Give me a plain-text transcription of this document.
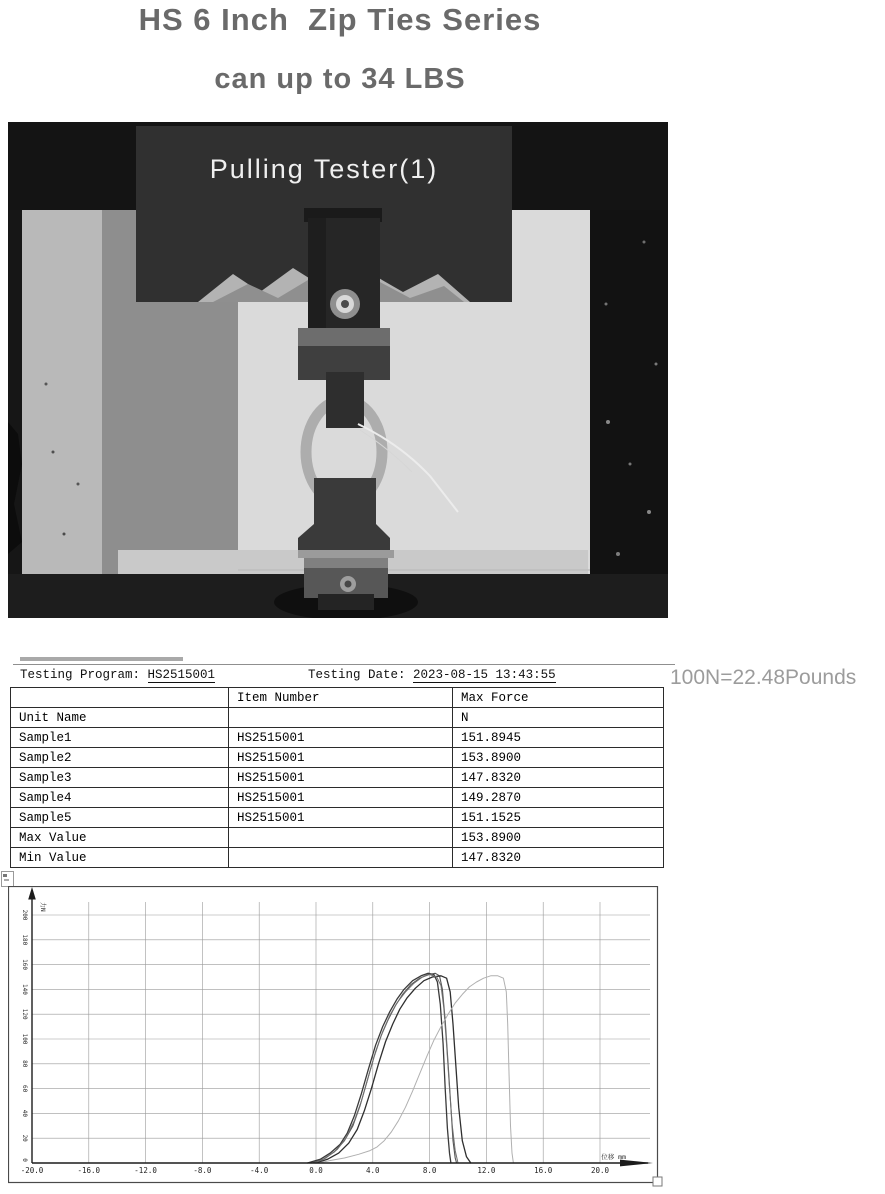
HS 6 Inch  Zip Ties Series
can up to 34 LBS
Pulling Tester(1)
Testing Program: HS2515001	Testing Date: 2023-08-15 13:43:55	100N=22.48Pounds
	Item Number	Max Force
Unit Name		N
Sample1	HS2515001	151.8945
Sample2	HS2515001	153.8900
Sample3	HS2515001	147.8320
Sample4	HS2515001	149.2870
Sample5	HS2515001	151.1525
Max Value		153.8900
Min Value		147.8320
力N
位移 mm
-20.0	-16.0	-12.0	-8.0	-4.0	0.0	4.0	8.0	12.0	16.0	20.0
20
40
60
80
100
120
140
160
180
200
0
